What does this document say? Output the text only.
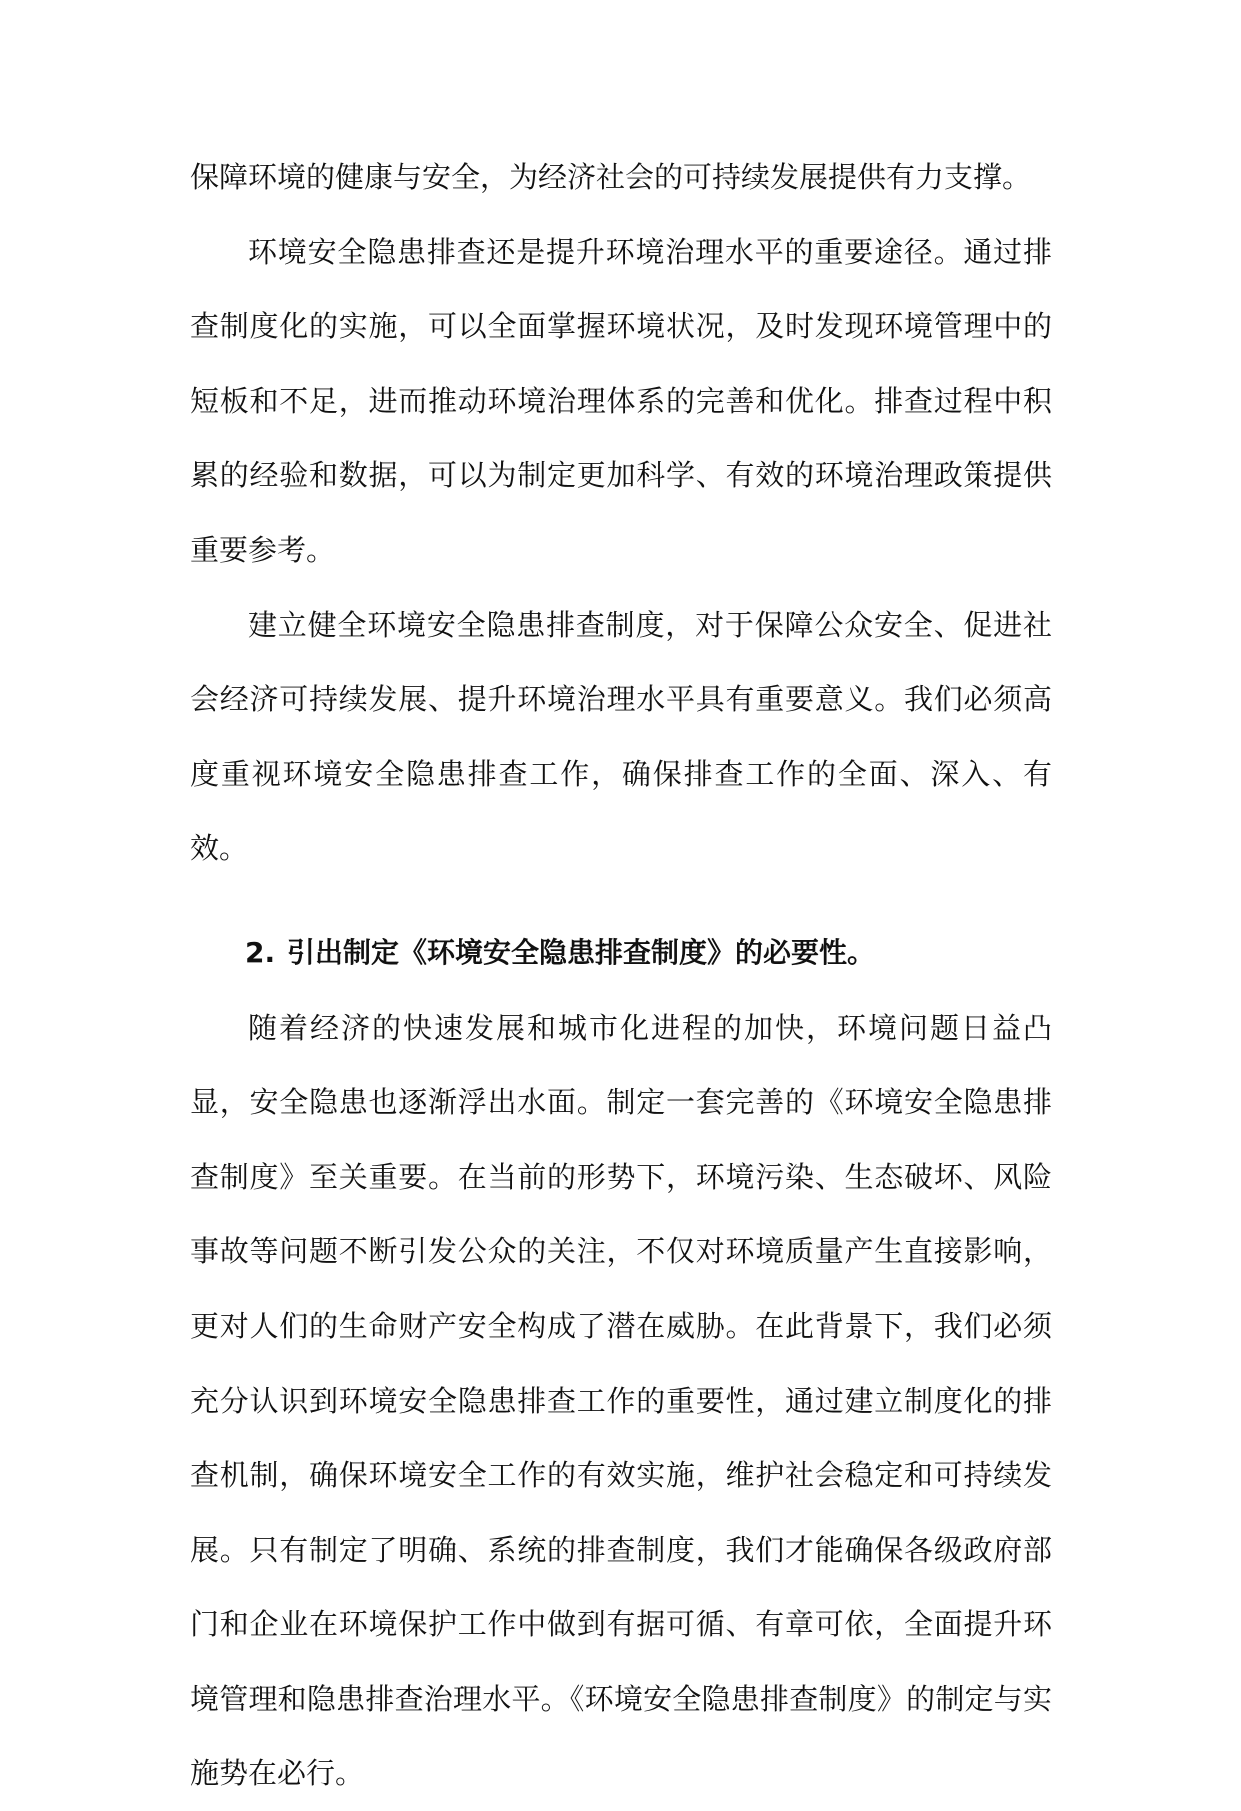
保障环境的健康与安全，为经济社会的可持续发展提供有力支撑。

环境安全隐患排查还是提升环境治理水平的重要途径。通过排查制度化的实施，可以全面掌握环境状况，及时发现环境管理中的短板和不足，进而推动环境治理体系的完善和优化。排查过程中积累的经验和数据，可以为制定更加科学、有效的环境治理政策提供重要参考。

建立健全环境安全隐患排查制度，对于保障公众安全、促进社会经济可持续发展、提升环境治理水平具有重要意义。我们必须高度重视环境安全隐患排查工作，确保排查工作的全面、深入、有效。

2. 引出制定《环境安全隐患排查制度》的必要性。

随着经济的快速发展和城市化进程的加快，环境问题日益凸显，安全隐患也逐渐浮出水面。制定一套完善的《环境安全隐患排查制度》至关重要。在当前的形势下，环境污染、生态破坏、风险事故等问题不断引发公众的关注，不仅对环境质量产生直接影响，更对人们的生命财产安全构成了潜在威胁。在此背景下，我们必须充分认识到环境安全隐患排查工作的重要性，通过建立制度化的排查机制，确保环境安全工作的有效实施，维护社会稳定和可持续发展。只有制定了明确、系统的排查制度，我们才能确保各级政府部门和企业在环境保护工作中做到有据可循、有章可依，全面提升环境管理和隐患排查治理水平。《环境安全隐患排查制度》的制定与实施势在必行。
